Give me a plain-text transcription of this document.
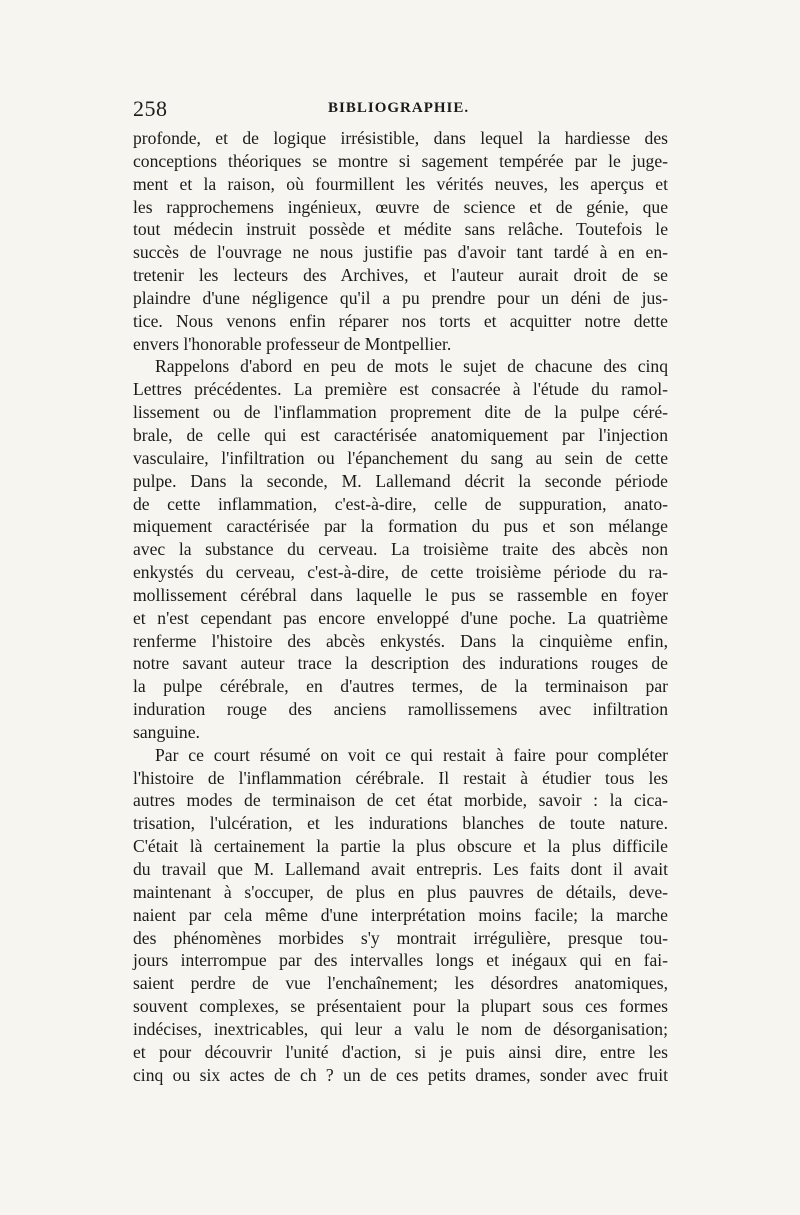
258	BIBLIOGRAPHIE.
profonde, et de logique irrésistible, dans lequel la hardiesse des
conceptions théoriques se montre si sagement tempérée par le juge-
ment et la raison, où fourmillent les vérités neuves, les aperçus et
les rapprochemens ingénieux, œuvre de science et de génie, que
tout médecin instruit possède et médite sans relâche. Toutefois le
succès de l'ouvrage ne nous justifie pas d'avoir tant tardé à en en-
tretenir les lecteurs des Archives, et l'auteur aurait droit de se
plaindre d'une négligence qu'il a pu prendre pour un déni de jus-
tice. Nous venons enfin réparer nos torts et acquitter notre dette
envers l'honorable professeur de Montpellier.
Rappelons d'abord en peu de mots le sujet de chacune des cinq
Lettres précédentes. La première est consacrée à l'étude du ramol-
lissement ou de l'inflammation proprement dite de la pulpe céré-
brale, de celle qui est caractérisée anatomiquement par l'injection
vasculaire, l'infiltration ou l'épanchement du sang au sein de cette
pulpe. Dans la seconde, M. Lallemand décrit la seconde période
de cette inflammation, c'est-à-dire, celle de suppuration, anato-
miquement caractérisée par la formation du pus et son mélange
avec la substance du cerveau. La troisième traite des abcès non
enkystés du cerveau, c'est-à-dire, de cette troisième période du ra-
mollissement cérébral dans laquelle le pus se rassemble en foyer
et n'est cependant pas encore enveloppé d'une poche. La quatrième
renferme l'histoire des abcès enkystés. Dans la cinquième enfin,
notre savant auteur trace la description des indurations rouges de
la pulpe cérébrale, en d'autres termes, de la terminaison par
induration rouge des anciens ramollissemens avec infiltration
sanguine.
Par ce court résumé on voit ce qui restait à faire pour compléter
l'histoire de l'inflammation cérébrale. Il restait à étudier tous les
autres modes de terminaison de cet état morbide, savoir : la cica-
trisation, l'ulcération, et les indurations blanches de toute nature.
C'était là certainement la partie la plus obscure et la plus difficile
du travail que M. Lallemand avait entrepris. Les faits dont il avait
maintenant à s'occuper, de plus en plus pauvres de détails, deve-
naient par cela même d'une interprétation moins facile; la marche
des phénomènes morbides s'y montrait irrégulière, presque tou-
jours interrompue par des intervalles longs et inégaux qui en fai-
saient perdre de vue l'enchaînement; les désordres anatomiques,
souvent complexes, se présentaient pour la plupart sous ces formes
indécises, inextricables, qui leur a valu le nom de désorganisation;
et pour découvrir l'unité d'action, si je puis ainsi dire, entre les
cinq ou six actes de ch ? un de ces petits drames, sonder avec fruit
